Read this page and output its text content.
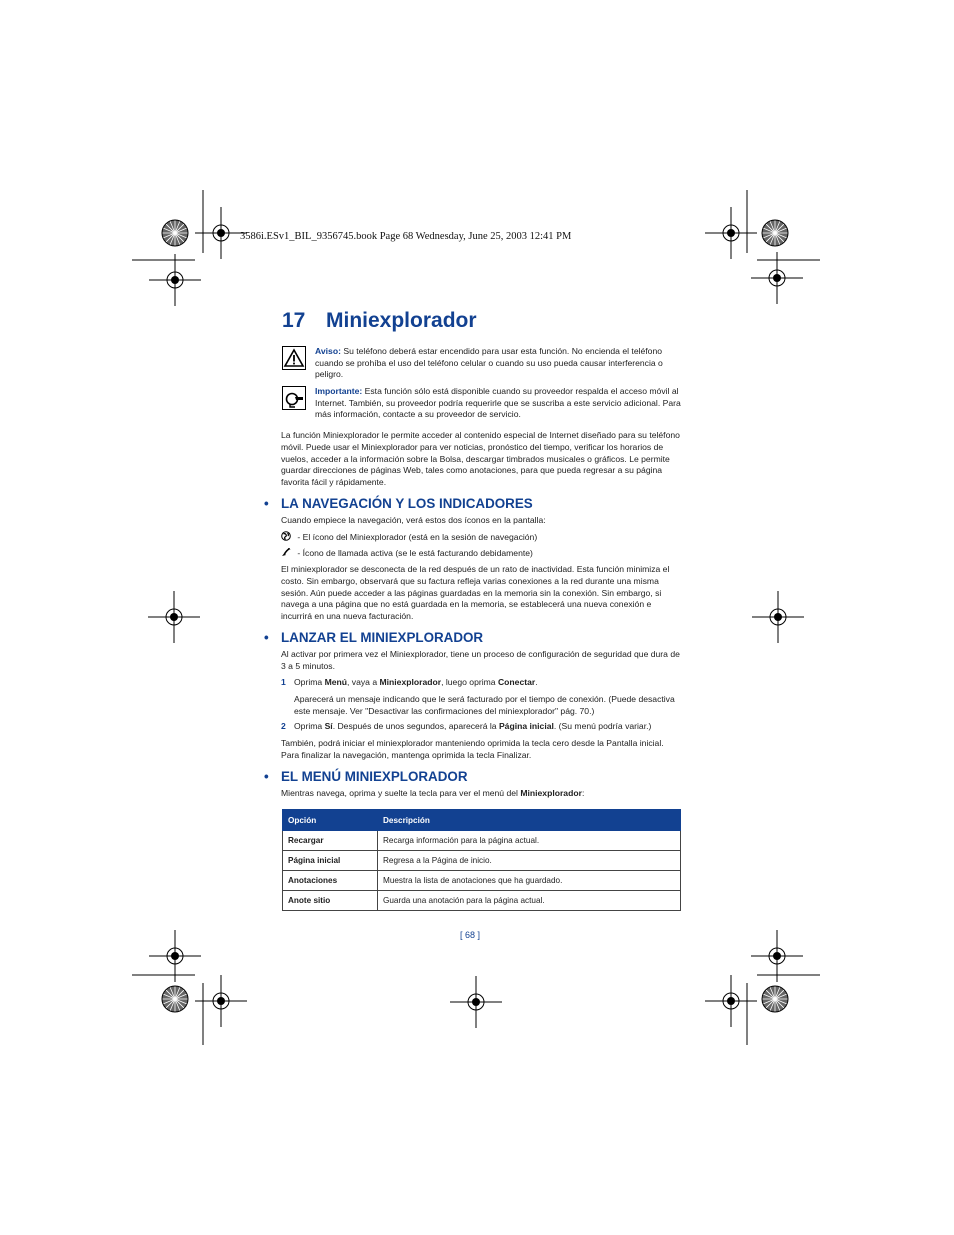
3586i.ESv1_BIL_9356745.book Page 68 Wednesday, June 25, 2003 12:41 PM
17 Miniexplorador
Aviso: Su teléfono deberá estar encendido para usar esta función. No encienda el teléfono cuando se prohíba el uso del teléfono celular o cuando su uso pueda causar interferencia o peligro.
Importante: Esta función sólo está disponible cuando su proveedor respalda el acceso móvil al Internet. También, su proveedor podría requerirle que se suscriba a este servicio adicional. Para más información, contacte a su proveedor de servicio.

La función Miniexplorador le permite acceder al contenido especial de Internet diseñado para su teléfono móvil. Puede usar el Miniexplorador para ver noticias, pronóstico del tiempo, verificar los horarios de vuelos, acceder a la información sobre la Bolsa, descargar timbrados musicales o gráficos. Le permite guardar direcciones de páginas Web, tales como anotaciones, para que pueda regresar a su página favorita fácil y rápidamente.

• LA NAVEGACIÓN Y LOS INDICADORES

Cuando empiece la navegación, verá estos dos íconos en la pantalla:

- El ícono del Miniexplorador (está en la sesión de navegación)

- Ícono de llamada activa (se le está facturando debidamente)

El miniexplorador se desconecta de la red después de un rato de inactividad. Esta función minimiza el costo. Sin embargo, observará que su factura refleja varias conexiones a la red durante una misma sesión. Aún puede acceder a las páginas guardadas en la memoria sin la conexión. Sin embargo, si navega a una página que no está guardada en la memoria, se establecerá una nueva conexión e incurrirá en una nueva facturación.

• LANZAR EL MINIEXPLORADOR

Al activar por primera vez el Miniexplorador, tiene un proceso de configuración de seguridad que dura de 3 a 5 minutos.

1 Oprima Menú, vaya a Miniexplorador, luego oprima Conectar.

Aparecerá un mensaje indicando que le será facturado por el tiempo de conexión. (Puede desactiva este mensaje. Ver "Desactivar las confirmaciones del miniexplorador" pág. 70.)

2 Oprima Sí. Después de unos segundos, aparecerá la Página inicial. (Su menú podría variar.)

También, podrá iniciar el miniexplorador manteniendo oprimida la tecla cero desde la Pantalla inicial. Para finalizar la navegación, mantenga oprimida la tecla Finalizar.

• EL MENÚ MINIEXPLORADOR

Mientras navega, oprima y suelte la tecla para ver el menú del Miniexplorador:

Opción	Descripción
Recargar	Recarga información para la página actual.
Página inicial	Regresa a la Página de inicio.
Anotaciones	Muestra la lista de anotaciones que ha guardado.
Anote sitio	Guarda una anotación para la página actual.
[ 68 ]
